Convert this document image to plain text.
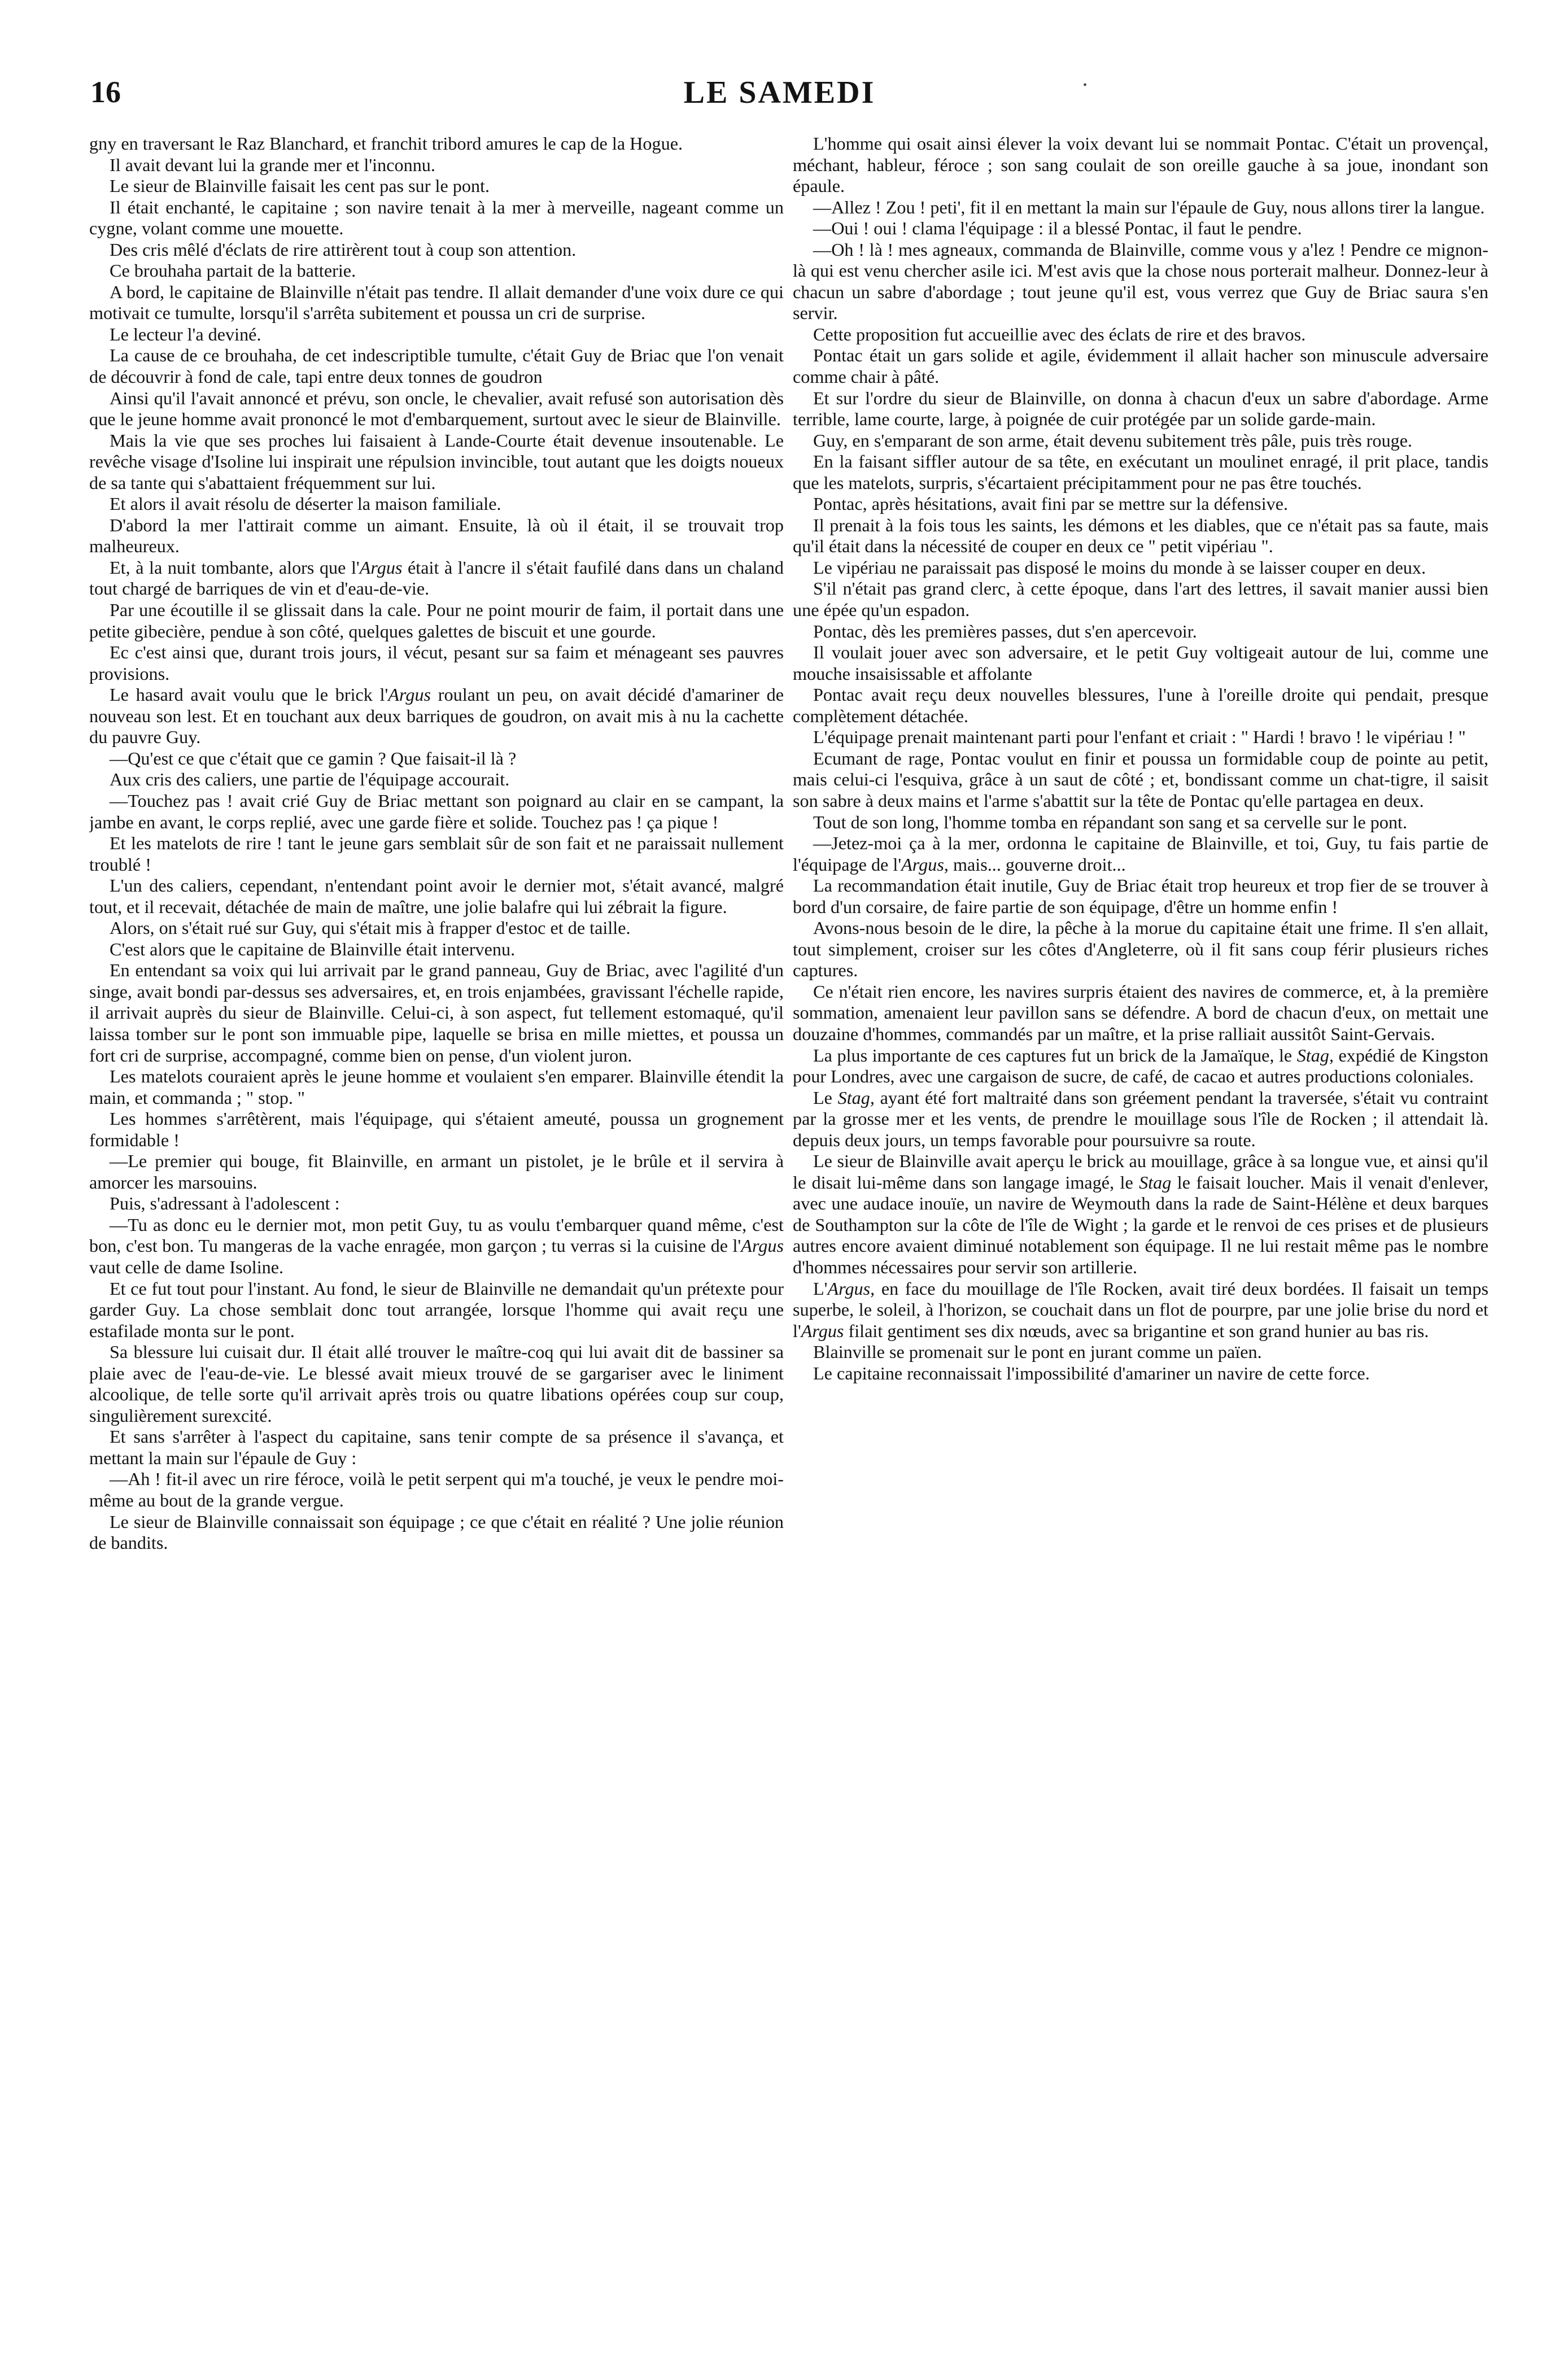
16	LE SAMEDI

gny en traversant le Raz Blanchard, et franchit tribord amures le cap de la Hogue.

Il avait devant lui la grande mer et l'inconnu.

Le sieur de Blainville faisait les cent pas sur le pont.

Il était enchanté, le capitaine ; son navire tenait à la mer à merveille, nageant comme un cygne, volant comme une mouette.

Des cris mêlé d'éclats de rire attirèrent tout à coup son attention.

Ce brouhaha partait de la batterie.

A bord, le capitaine de Blainville n'était pas tendre. Il allait demander d'une voix dure ce qui motivait ce tumulte, lorsqu'il s'arrêta subitement et poussa un cri de surprise.

Le lecteur l'a deviné.

La cause de ce brouhaha, de cet indescriptible tumulte, c'était Guy de Briac que l'on venait de découvrir à fond de cale, tapi entre deux tonnes de goudron

Ainsi qu'il l'avait annoncé et prévu, son oncle, le chevalier, avait refusé son autorisation dès que le jeune homme avait prononcé le mot d'embarquement, surtout avec le sieur de Blainville.

Mais la vie que ses proches lui faisaient à Lande-Courte était devenue insoutenable. Le revêche visage d'Isoline lui inspirait une répulsion invincible, tout autant que les doigts noueux de sa tante qui s'abattaient fréquemment sur lui.

Et alors il avait résolu de déserter la maison familiale.

D'abord la mer l'attirait comme un aimant. Ensuite, là où il était, il se trouvait trop malheureux.

Et, à la nuit tombante, alors que l'Argus était à l'ancre il s'était faufilé dans dans un chaland tout chargé de barriques de vin et d'eau-de-vie.

Par une écoutille il se glissait dans la cale. Pour ne point mourir de faim, il portait dans une petite gibecière, pendue à son côté, quelques galettes de biscuit et une gourde.

Ec c'est ainsi que, durant trois jours, il vécut, pesant sur sa faim et ménageant ses pauvres provisions.

Le hasard avait voulu que le brick l'Argus roulant un peu, on avait décidé d'amariner de nouveau son lest. Et en touchant aux deux barriques de goudron, on avait mis à nu la cachette du pauvre Guy.

—Qu'est ce que c'était que ce gamin ? Que faisait-il là ?

Aux cris des caliers, une partie de l'équipage accourait.

—Touchez pas ! avait crié Guy de Briac mettant son poignard au clair en se campant, la jambe en avant, le corps replié, avec une garde fière et solide. Touchez pas ! ça pique !

Et les matelots de rire ! tant le jeune gars semblait sûr de son fait et ne paraissait nullement troublé !

L'un des caliers, cependant, n'entendant point avoir le dernier mot, s'était avancé, malgré tout, et il recevait, détachée de main de maître, une jolie balafre qui lui zébrait la figure.

Alors, on s'était rué sur Guy, qui s'était mis à frapper d'estoc et de taille.

C'est alors que le capitaine de Blainville était intervenu.

En entendant sa voix qui lui arrivait par le grand panneau, Guy de Briac, avec l'agilité d'un singe, avait bondi par-dessus ses adversaires, et, en trois enjambées, gravissant l'échelle rapide, il arrivait auprès du sieur de Blainville. Celui-ci, à son aspect, fut tellement estomaqué, qu'il laissa tomber sur le pont son immuable pipe, laquelle se brisa en mille miettes, et poussa un fort cri de surprise, accompagné, comme bien on pense, d'un violent juron.

Les matelots couraient après le jeune homme et voulaient s'en emparer. Blainville étendit la main, et commanda ; " stop. "

Les hommes s'arrêtèrent, mais l'équipage, qui s'étaient ameuté, poussa un grognement formidable !

—Le premier qui bouge, fit Blainville, en armant un pistolet, je le brûle et il servira à amorcer les marsouins.

Puis, s'adressant à l'adolescent :

—Tu as donc eu le dernier mot, mon petit Guy, tu as voulu t'embarquer quand même, c'est bon, c'est bon. Tu mangeras de la vache enragée, mon garçon ; tu verras si la cuisine de l'Argus vaut celle de dame Isoline.

Et ce fut tout pour l'instant. Au fond, le sieur de Blainville ne demandait qu'un prétexte pour garder Guy. La chose semblait donc tout arrangée, lorsque l'homme qui avait reçu une estafilade monta sur le pont.

Sa blessure lui cuisait dur. Il était allé trouver le maître-coq qui lui avait dit de bassiner sa plaie avec de l'eau-de-vie. Le blessé avait mieux trouvé de se gargariser avec le liniment alcoolique, de telle sorte qu'il arrivait après trois ou quatre libations opérées coup sur coup, singulièrement surexcité.

Et sans s'arrêter à l'aspect du capitaine, sans tenir compte de sa présence il s'avança, et mettant la main sur l'épaule de Guy :

—Ah ! fit-il avec un rire féroce, voilà le petit serpent qui m'a touché, je veux le pendre moi-même au bout de la grande vergue.

Le sieur de Blainville connaissait son équipage ; ce que c'était en réalité ? Une jolie réunion de bandits.

L'homme qui osait ainsi élever la voix devant lui se nommait Pontac. C'était un provençal, méchant, hableur, féroce ; son sang coulait de son oreille gauche à sa joue, inondant son épaule.

—Allez ! Zou ! peti', fit il en mettant la main sur l'épaule de Guy, nous allons tirer la langue.

—Oui ! oui ! clama l'équipage : il a blessé Pontac, il faut le pendre.

—Oh ! là ! mes agneaux, commanda de Blainville, comme vous y a'lez ! Pendre ce mignon-là qui est venu chercher asile ici. M'est avis que la chose nous porterait malheur. Donnez-leur à chacun un sabre d'abordage ; tout jeune qu'il est, vous verrez que Guy de Briac saura s'en servir.

Cette proposition fut accueillie avec des éclats de rire et des bravos.

Pontac était un gars solide et agile, évidemment il allait hacher son minuscule adversaire comme chair à pâté.

Et sur l'ordre du sieur de Blainville, on donna à chacun d'eux un sabre d'abordage. Arme terrible, lame courte, large, à poignée de cuir protégée par un solide garde-main.

Guy, en s'emparant de son arme, était devenu subitement très pâle, puis très rouge.

En la faisant siffler autour de sa tête, en exécutant un moulinet enragé, il prit place, tandis que les matelots, surpris, s'écartaient précipitamment pour ne pas être touchés.

Pontac, après hésitations, avait fini par se mettre sur la défensive.

Il prenait à la fois tous les saints, les démons et les diables, que ce n'était pas sa faute, mais qu'il était dans la nécessité de couper en deux ce " petit vipériau ".

Le vipériau ne paraissait pas disposé le moins du monde à se laisser couper en deux.

S'il n'était pas grand clerc, à cette époque, dans l'art des lettres, il savait manier aussi bien une épée qu'un espadon.

Pontac, dès les premières passes, dut s'en apercevoir.

Il voulait jouer avec son adversaire, et le petit Guy voltigeait autour de lui, comme une mouche insaisissable et affolante

Pontac avait reçu deux nouvelles blessures, l'une à l'oreille droite qui pendait, presque complètement détachée.

L'équipage prenait maintenant parti pour l'enfant et criait : " Hardi ! bravo ! le vipériau ! "

Ecumant de rage, Pontac voulut en finir et poussa un formidable coup de pointe au petit, mais celui-ci l'esquiva, grâce à un saut de côté ; et, bondissant comme un chat-tigre, il saisit son sabre à deux mains et l'arme s'abattit sur la tête de Pontac qu'elle partagea en deux.

Tout de son long, l'homme tomba en répandant son sang et sa cervelle sur le pont.

—Jetez-moi ça à la mer, ordonna le capitaine de Blainville, et toi, Guy, tu fais partie de l'équipage de l'Argus, mais... gouverne droit...

La recommandation était inutile, Guy de Briac était trop heureux et trop fier de se trouver à bord d'un corsaire, de faire partie de son équipage, d'être un homme enfin !

Avons-nous besoin de le dire, la pêche à la morue du capitaine était une frime. Il s'en allait, tout simplement, croiser sur les côtes d'Angleterre, où il fit sans coup férir plusieurs riches captures.

Ce n'était rien encore, les navires surpris étaient des navires de commerce, et, à la première sommation, amenaient leur pavillon sans se défendre. A bord de chacun d'eux, on mettait une douzaine d'hommes, commandés par un maître, et la prise ralliait aussitôt Saint-Gervais.

La plus importante de ces captures fut un brick de la Jamaïque, le Stag, expédié de Kingston pour Londres, avec une cargaison de sucre, de café, de cacao et autres productions coloniales.

Le Stag, ayant été fort maltraité dans son gréement pendant la traversée, s'était vu contraint par la grosse mer et les vents, de prendre le mouillage sous l'île de Rocken ; il attendait là. depuis deux jours, un temps favorable pour poursuivre sa route.

Le sieur de Blainville avait aperçu le brick au mouillage, grâce à sa longue vue, et ainsi qu'il le disait lui-même dans son langage imagé, le Stag le faisait loucher. Mais il venait d'enlever, avec une audace inouïe, un navire de Weymouth dans la rade de Saint-Hélène et deux barques de Southampton sur la côte de l'île de Wight ; la garde et le renvoi de ces prises et de plusieurs autres encore avaient diminué notablement son équipage. Il ne lui restait même pas le nombre d'hommes nécessaires pour servir son artillerie.

L'Argus, en face du mouillage de l'île Rocken, avait tiré deux bordées. Il faisait un temps superbe, le soleil, à l'horizon, se couchait dans un flot de pourpre, par une jolie brise du nord et l'Argus filait gentiment ses dix nœuds, avec sa brigantine et son grand hunier au bas ris.

Blainville se promenait sur le pont en jurant comme un païen.

Le capitaine reconnaissait l'impossibilité d'amariner un navire de cette force.

•
